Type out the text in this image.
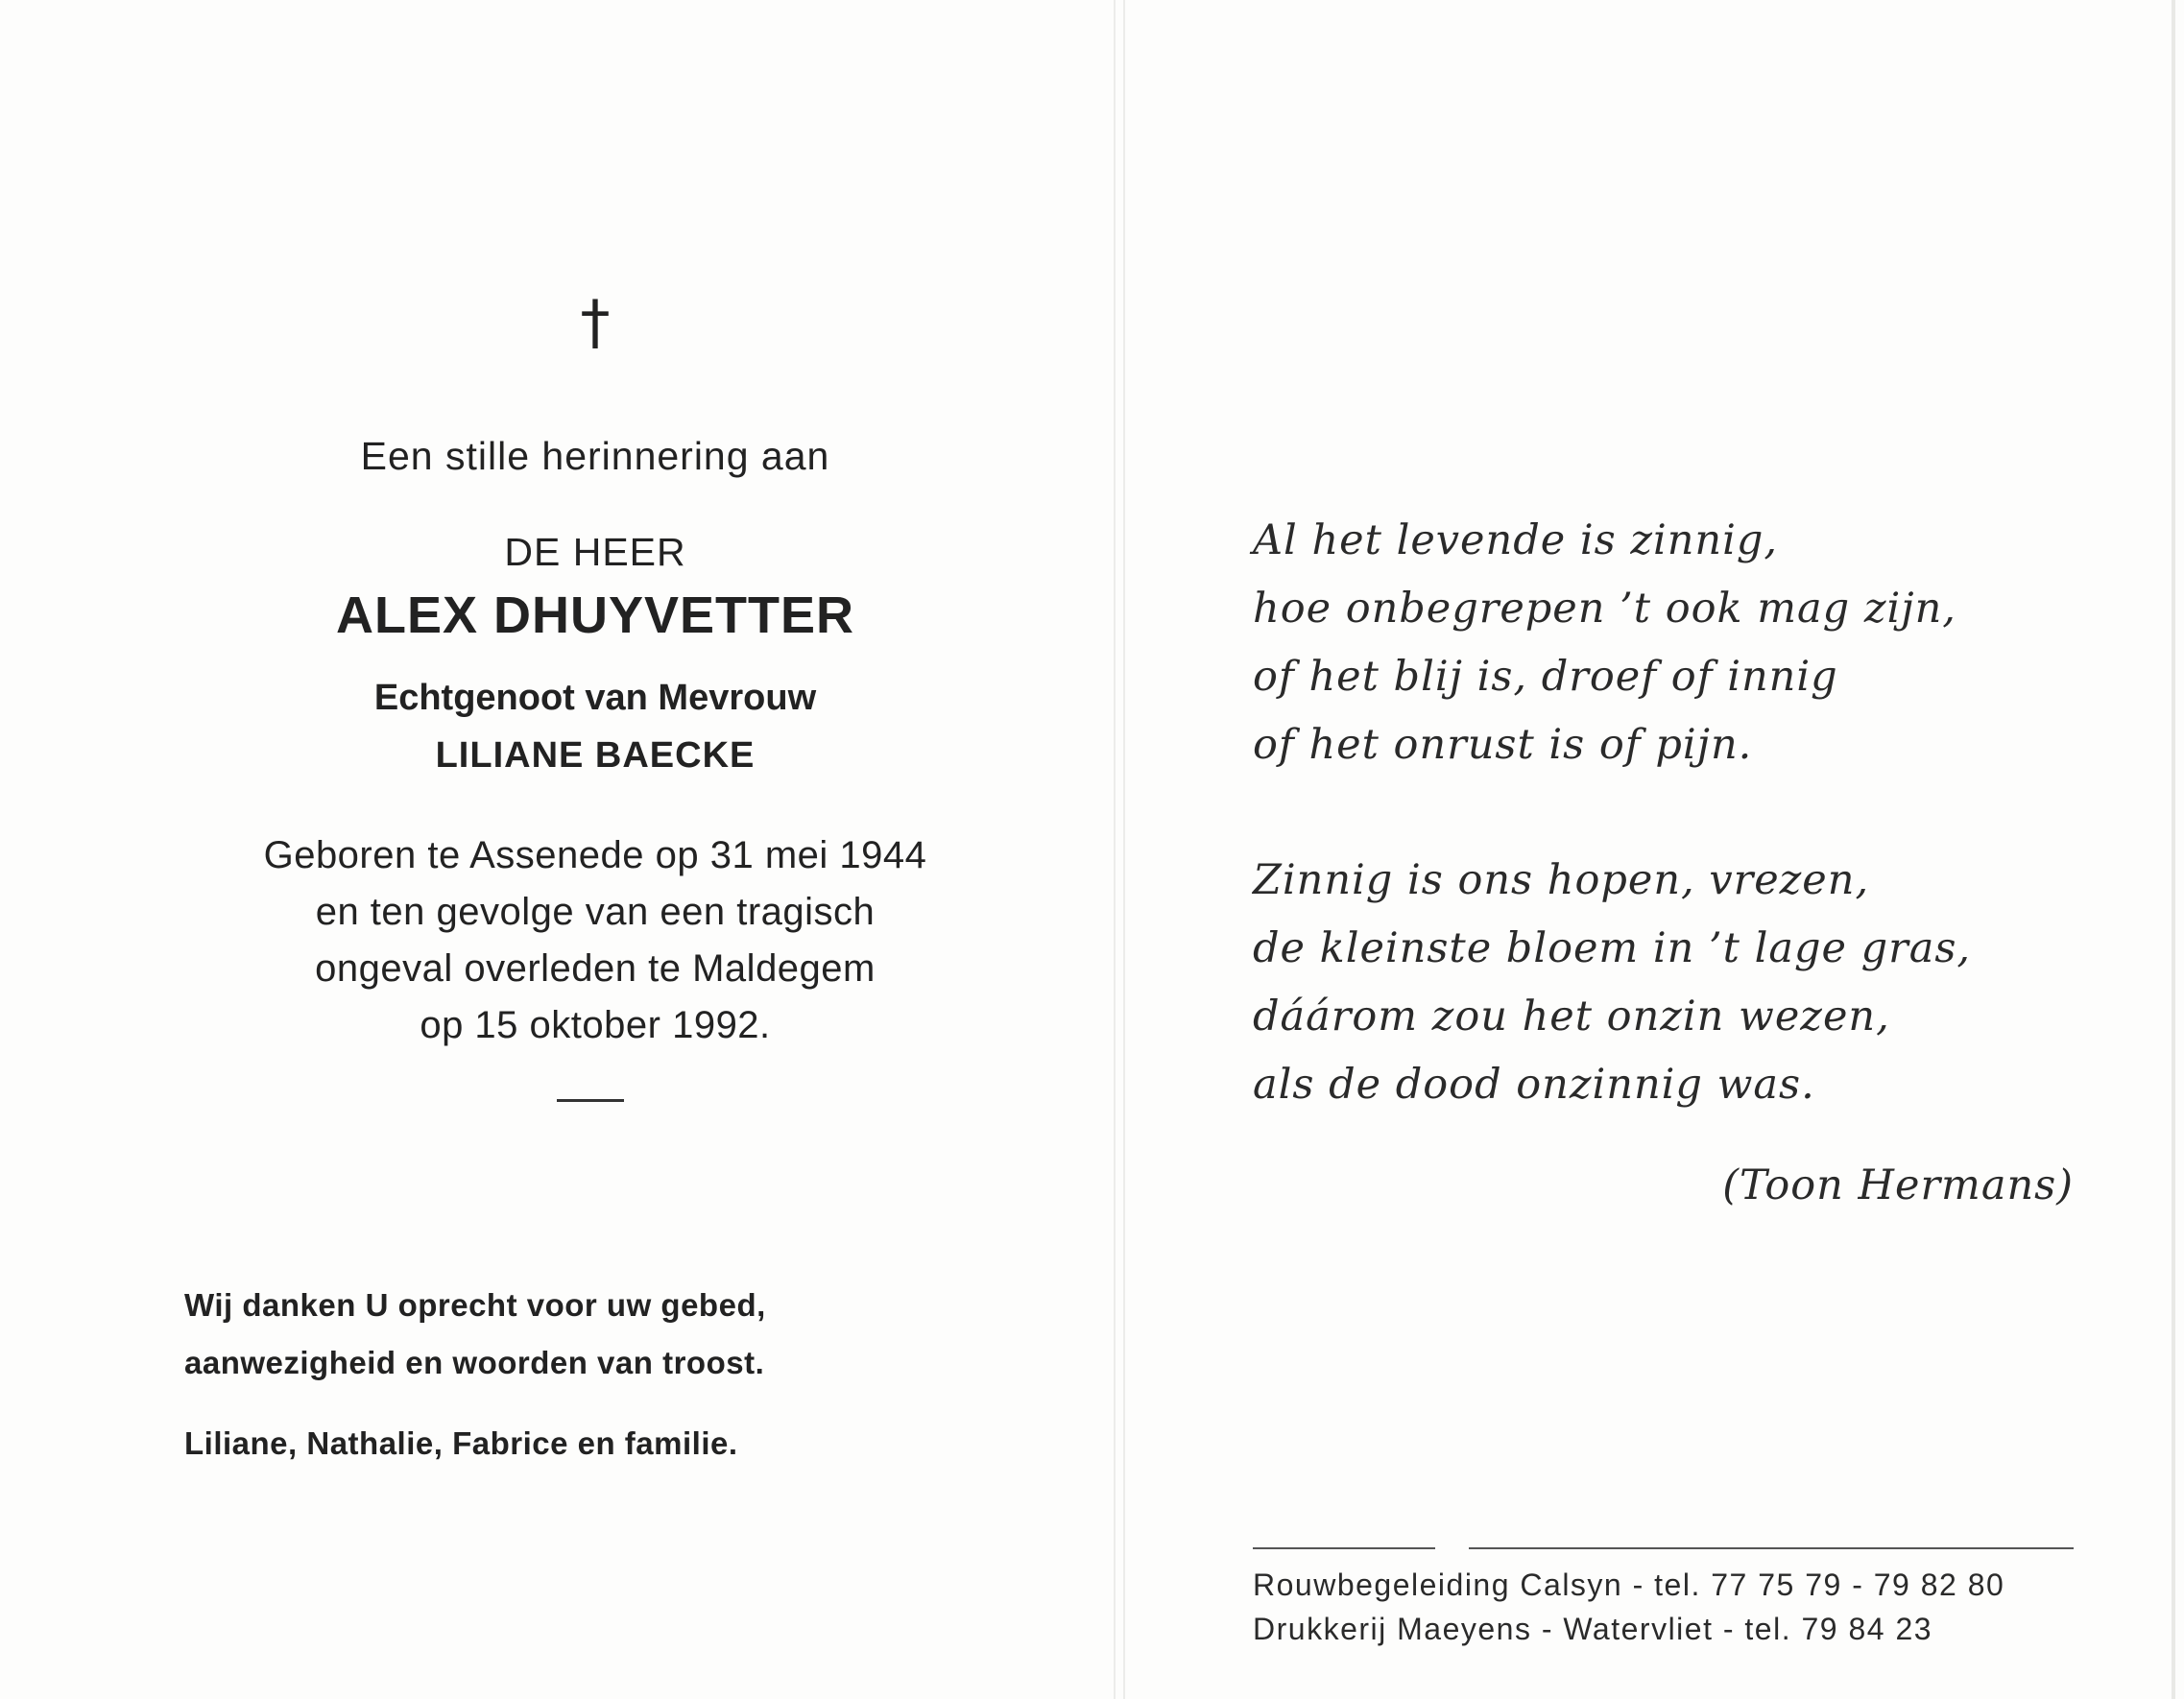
†
Een stille herinnering aan
DE HEER
ALEX DHUYVETTER
Echtgenoot van Mevrouw
LILIANE BAECKE
Geboren te Assenede op 31 mei 1944
en ten gevolge van een tragisch
ongeval overleden te Maldegem
op 15 oktober 1992.
Wij danken U oprecht voor uw gebed,
aanwezigheid en woorden van troost.
Liliane, Nathalie, Fabrice en familie.
Al het levende is zinnig,
hoe onbegrepen ’t ook mag zijn,
of het blij is, droef of innig
of het onrust is of pijn.
Zinnig is ons hopen, vrezen,
de kleinste bloem in ’t lage gras,
dáárom zou het onzin wezen,
als de dood onzinnig was.
(Toon Hermans)
Rouwbegeleiding Calsyn - tel. 77 75 79 - 79 82 80
Drukkerij Maeyens - Watervliet - tel. 79 84 23
